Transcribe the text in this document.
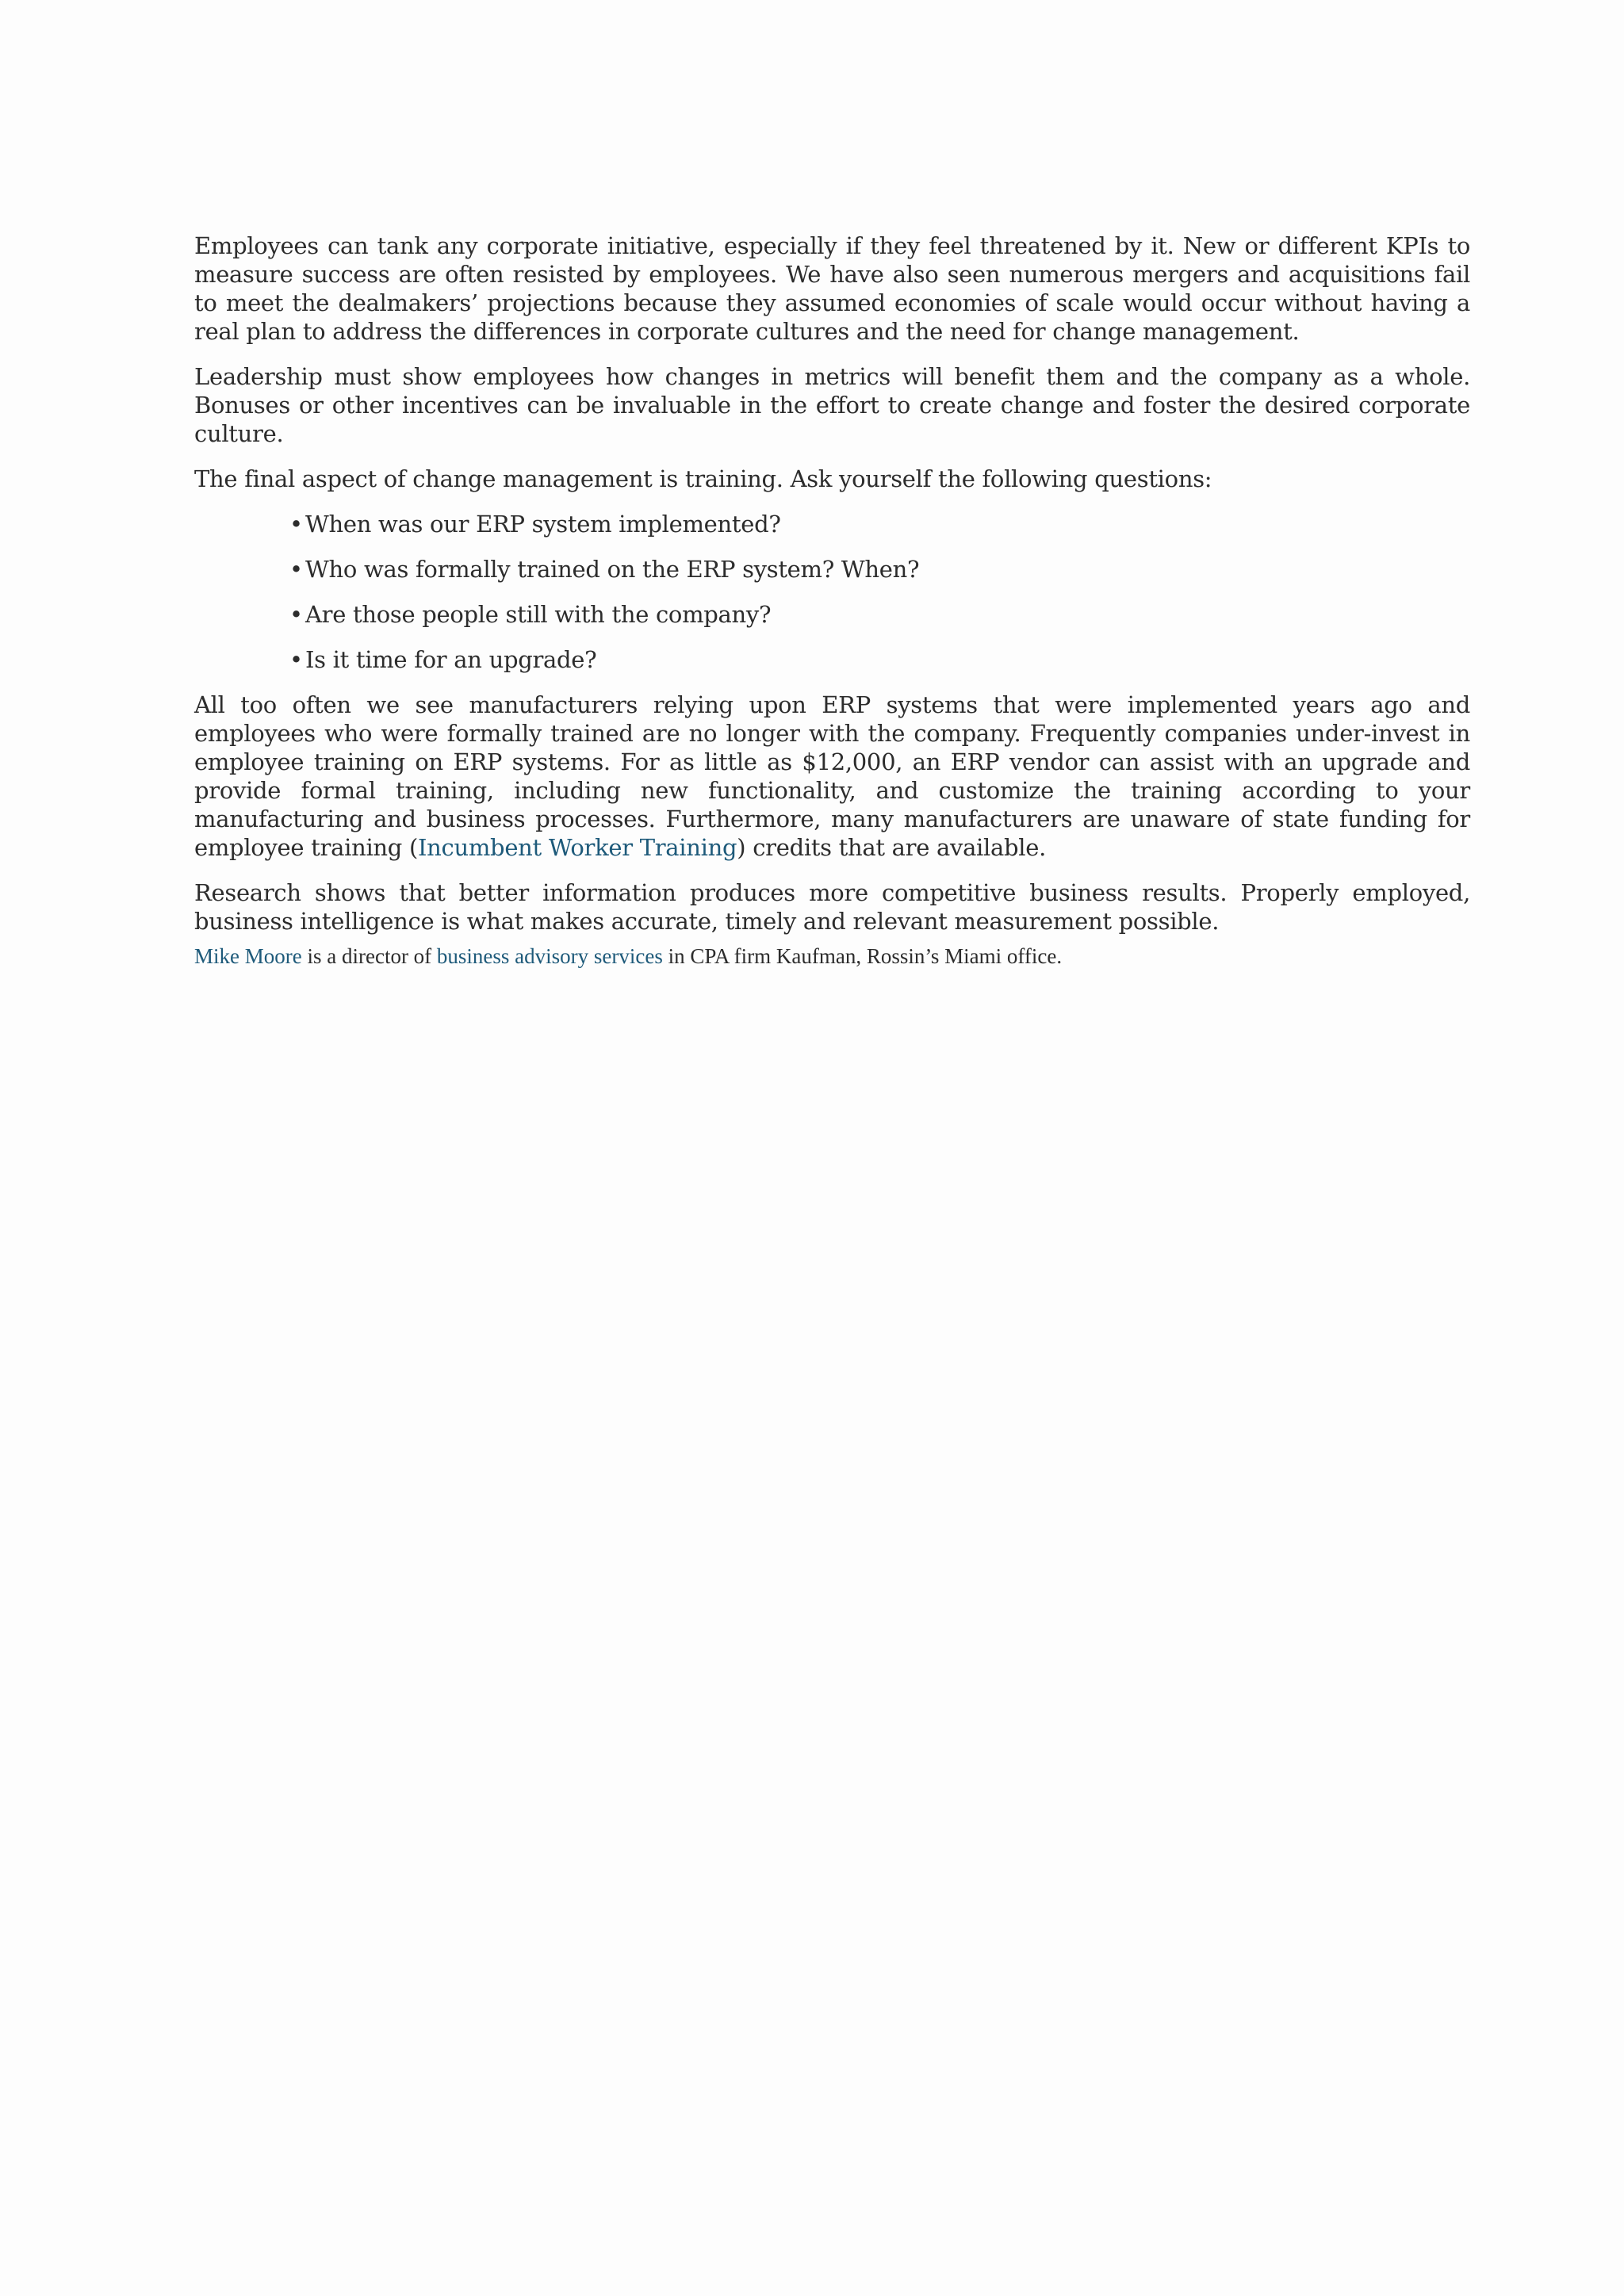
Employees can tank any corporate initiative, especially if they feel threatened by it. New or different KPIs to measure success are often resisted by employees. We have also seen numerous mergers and acquisitions fail to meet the dealmakers’ projections because they assumed economies of scale would occur without having a real plan to address the differences in corporate cultures and the need for change management.

Leadership must show employees how changes in metrics will benefit them and the company as a whole. Bonuses or other incentives can be invaluable in the effort to create change and foster the desired corporate culture.

The final aspect of change management is training. Ask yourself the following questions:

• When was our ERP system implemented?
• Who was formally trained on the ERP system? When?
• Are those people still with the company?
• Is it time for an upgrade?

All too often we see manufacturers relying upon ERP systems that were implemented years ago and employees who were formally trained are no longer with the company. Frequently companies under-invest in employee training on ERP systems. For as little as $12,000, an ERP vendor can assist with an upgrade and provide formal training, including new functionality, and customize the training according to your manufacturing and business processes. Furthermore, many manufacturers are unaware of state funding for employee training (Incumbent Worker Training) credits that are available.

Research shows that better information produces more competitive business results. Properly employed, business intelligence is what makes accurate, timely and relevant measurement possible.

Mike Moore is a director of business advisory services in CPA firm Kaufman, Rossin’s Miami office.
